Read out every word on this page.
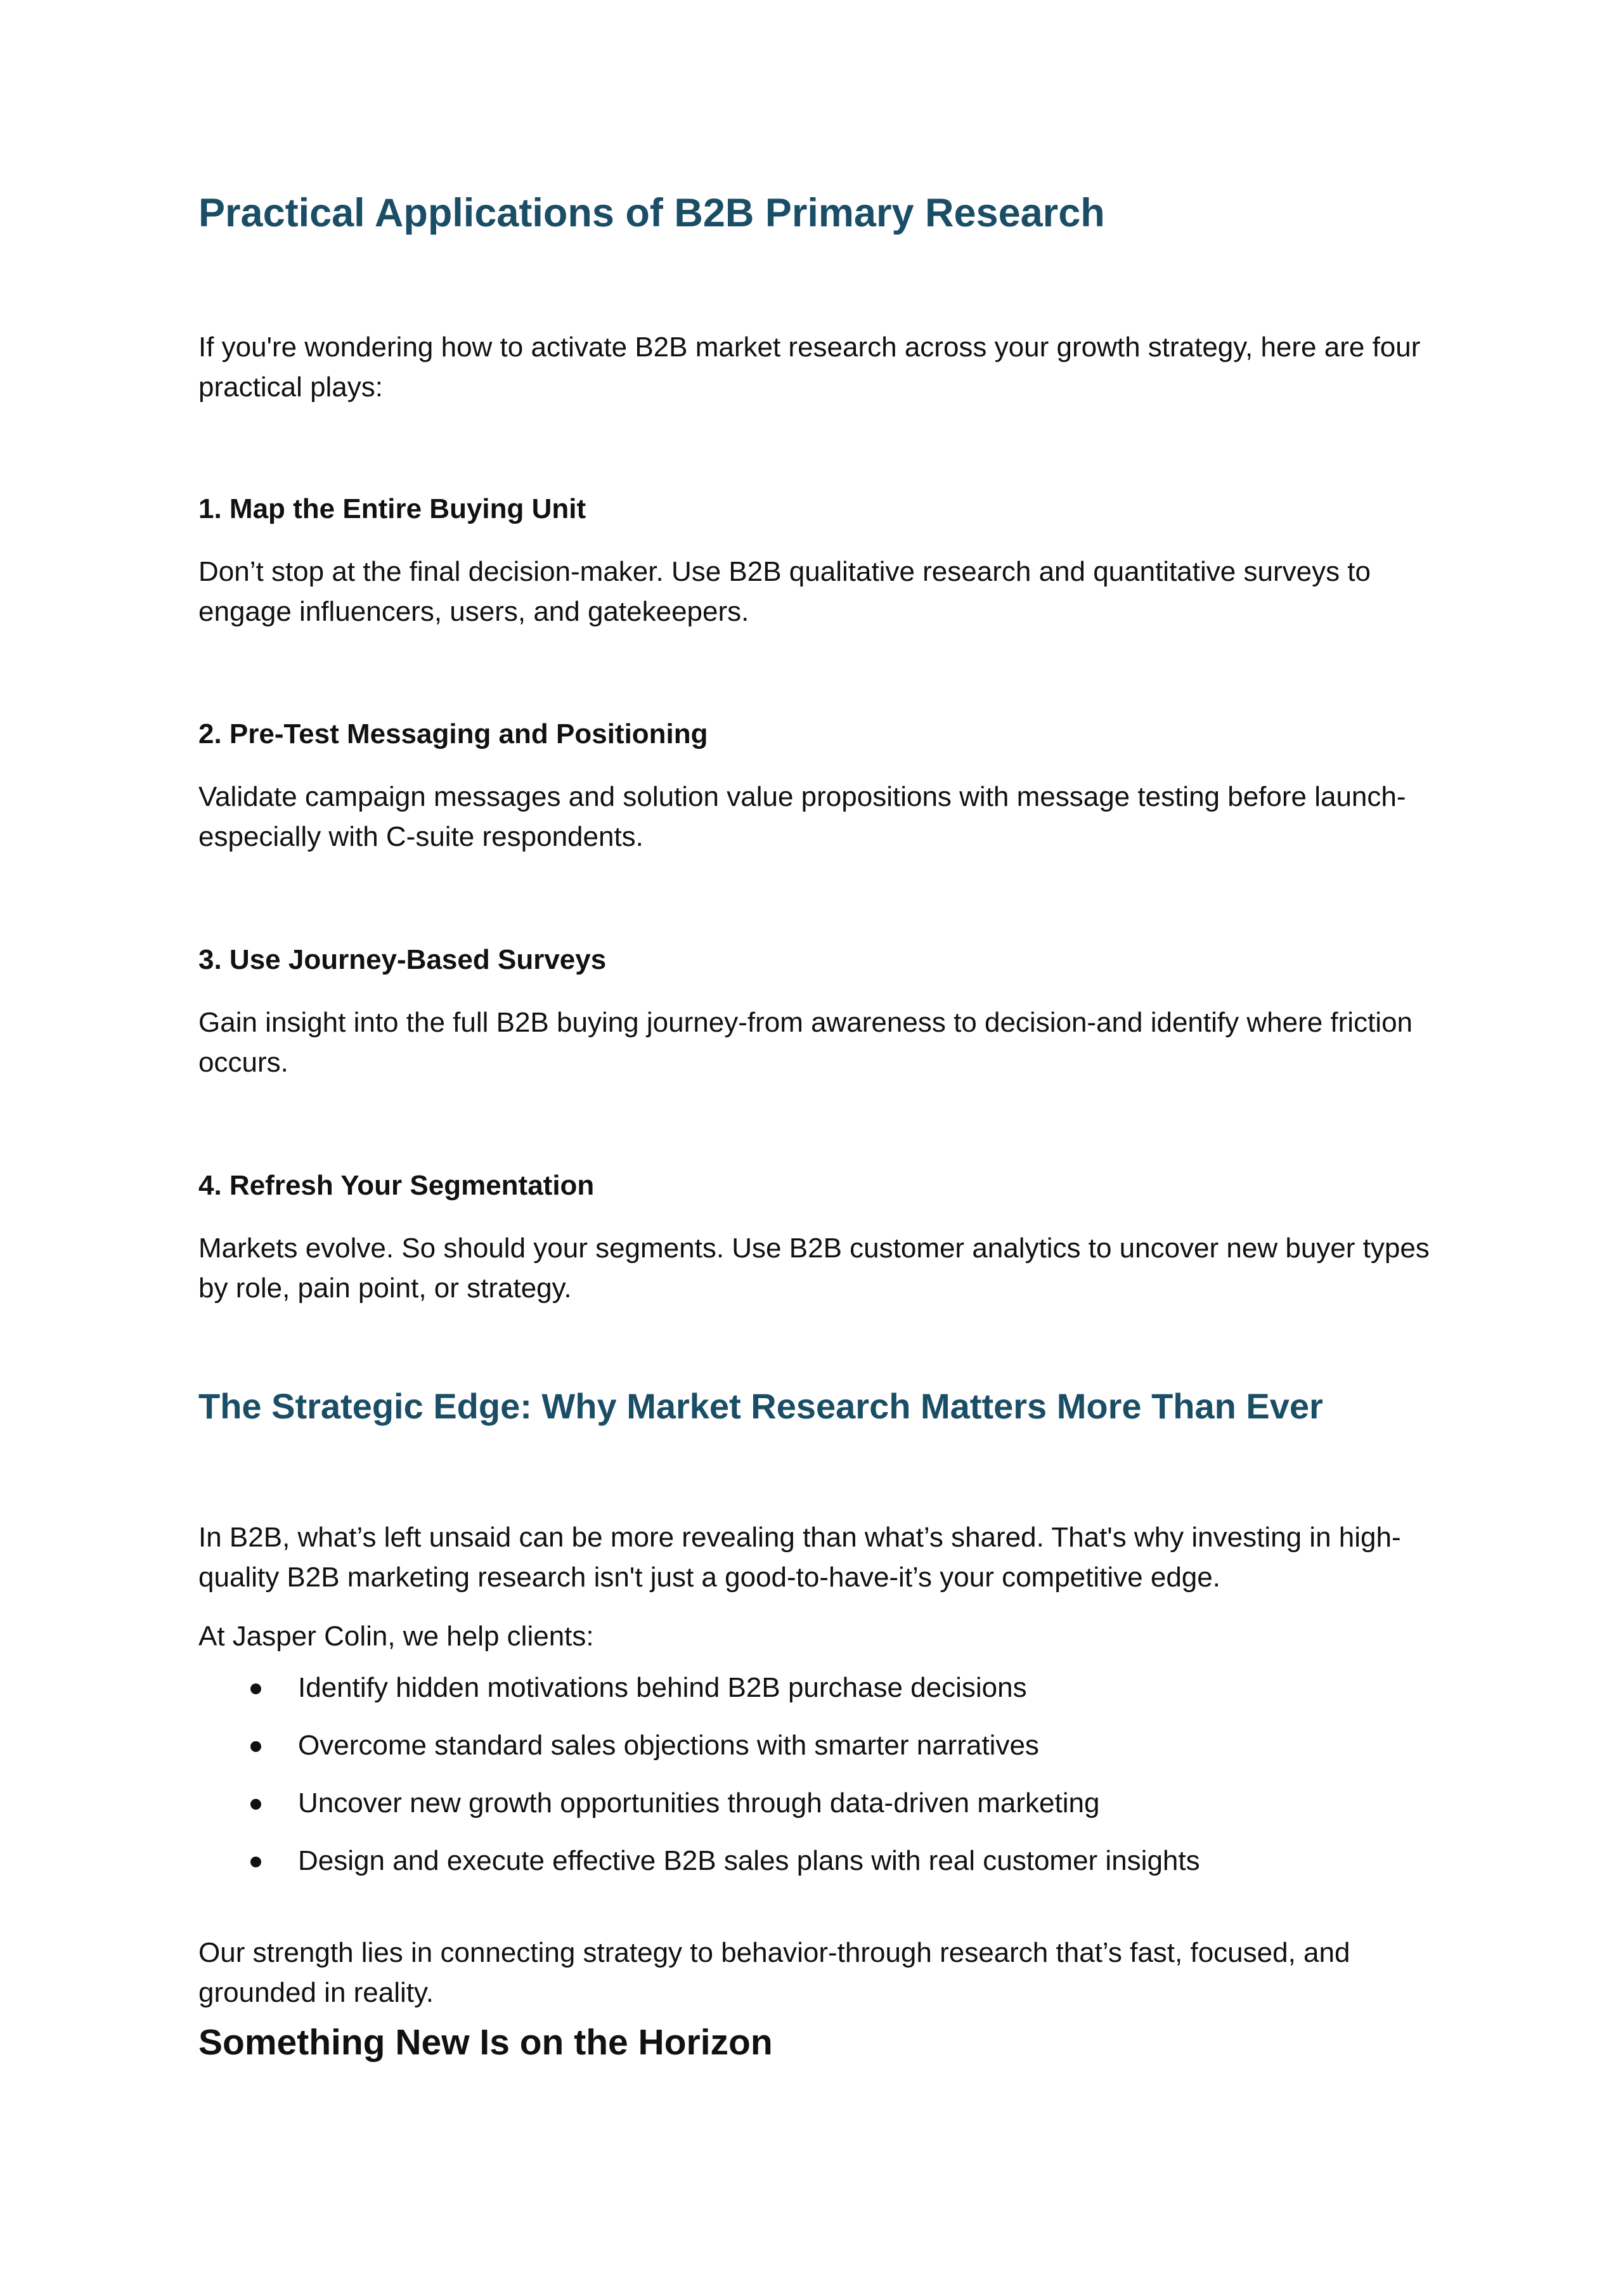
Practical Applications of B2B Primary Research

If you're wondering how to activate B2B market research across your growth strategy, here are four practical plays:

1. Map the Entire Buying Unit

Don’t stop at the final decision-maker. Use B2B qualitative research and quantitative surveys to engage influencers, users, and gatekeepers.

2. Pre-Test Messaging and Positioning

Validate campaign messages and solution value propositions with message testing before launch-especially with C-suite respondents.

3. Use Journey-Based Surveys

Gain insight into the full B2B buying journey-from awareness to decision-and identify where friction occurs.

4. Refresh Your Segmentation

Markets evolve. So should your segments. Use B2B customer analytics to uncover new buyer types by role, pain point, or strategy.

The Strategic Edge: Why Market Research Matters More Than Ever

In B2B, what’s left unsaid can be more revealing than what’s shared. That's why investing in high-quality B2B marketing research isn't just a good-to-have-it’s your competitive edge.

At Jasper Colin, we help clients:

Identify hidden motivations behind B2B purchase decisions
Overcome standard sales objections with smarter narratives
Uncover new growth opportunities through data-driven marketing
Design and execute effective B2B sales plans with real customer insights

Our strength lies in connecting strategy to behavior-through research that’s fast, focused, and grounded in reality.

Something New Is on the Horizon
